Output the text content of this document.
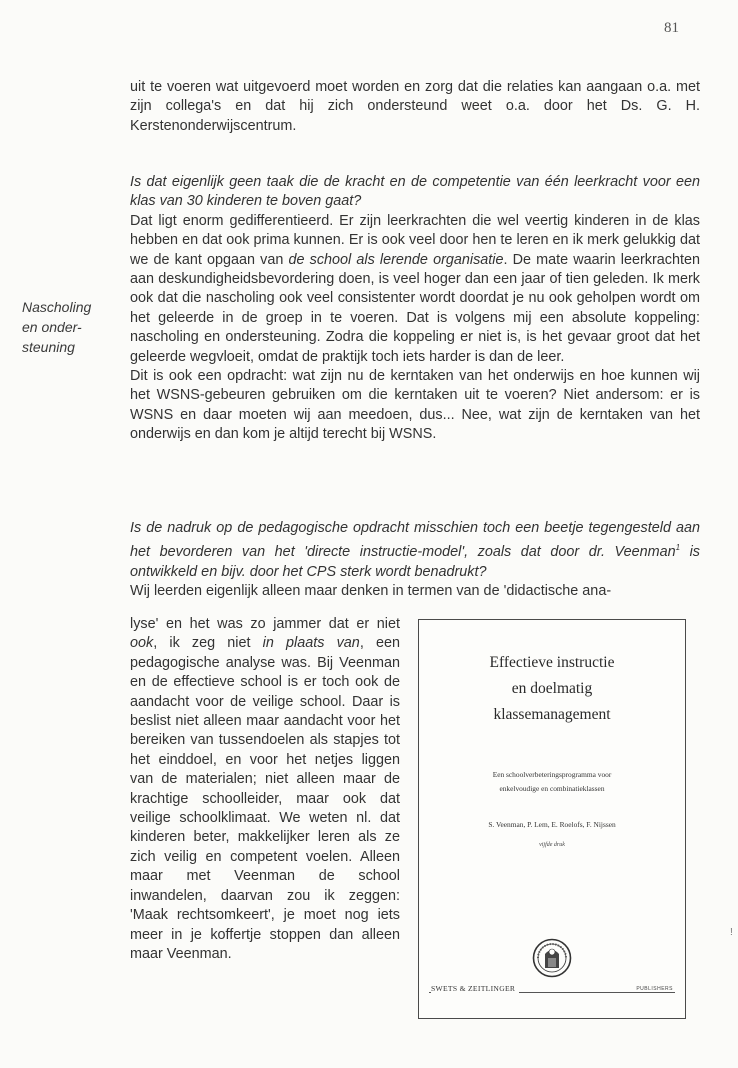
81

uit te voeren wat uitgevoerd moet worden en zorg dat die relaties kan aangaan o.a. met zijn collega's en dat hij zich ondersteund weet o.a. door het Ds. G. H. Kerstenonderwijscentrum.

Is dat eigenlijk geen taak die de kracht en de competentie van één leerkracht voor een klas van 30 kinderen te boven gaat?

Dat ligt enorm gedifferentieerd. Er zijn leerkrachten die wel veertig kinderen in de klas hebben en dat ook prima kunnen. Er is ook veel door hen te leren en ik merk gelukkig dat we de kant opgaan van de school als lerende organisatie. De mate waarin leerkrachten aan deskundigheidsbevordering doen, is veel hoger dan een jaar of tien geleden. Ik merk ook dat die nascholing ook veel consistenter wordt doordat je nu ook geholpen wordt om het geleerde in de groep in te voeren. Dat is volgens mij een absolute koppeling: nascholing en ondersteuning. Zodra die koppeling er niet is, is het gevaar groot dat het geleerde wegvloeit, omdat de praktijk toch iets harder is dan de leer.

Dit is ook een opdracht: wat zijn nu de kerntaken van het onderwijs en hoe kunnen wij het WSNS-gebeuren gebruiken om die kerntaken uit te voeren? Niet andersom: er is WSNS en daar moeten wij aan meedoen, dus... Nee, wat zijn de kerntaken van het onderwijs en dan kom je altijd terecht bij WSNS.

Nascholing
en onder-
steuning

Is de nadruk op de pedagogische opdracht misschien toch een beetje tegengesteld aan het bevorderen van het 'directe instructie-model', zoals dat door dr. Veenman$^1$ is ontwikkeld en bijv. door het CPS sterk wordt benadrukt?

Wij leerden eigenlijk alleen maar denken in termen van de 'didactische ana-

lyse' en het was zo jammer dat er niet ook, ik zeg niet in plaats van, een pedagogische analyse was. Bij Veenman en de effectieve school is er toch ook de aandacht voor de veilige school. Daar is beslist niet alleen maar aandacht voor het bereiken van tussendoelen als stapjes tot het einddoel, en voor het netjes liggen van de materialen; niet alleen maar de krachtige schoolleider, maar ook dat veilige schoolklimaat. We weten nl. dat kinderen beter, makkelijker leren als ze zich veilig en competent voelen. Alleen maar met Veenman de school inwandelen, daarvan zou ik zeggen: 'Maak rechtsomkeert', je moet nog iets meer in je koffertje stoppen dan alleen maar Veenman.
Effectieve instructie
en doelmatig
klassemanagement
Een schoolverbeteringsprogramma voor
enkelvoudige en combinatieklassen
S. Veenman, P. Lem, E. Roelofs, F. Nijssen
vijfde druk
SWETS & ZEITLINGER	PUBLISHERS
!
